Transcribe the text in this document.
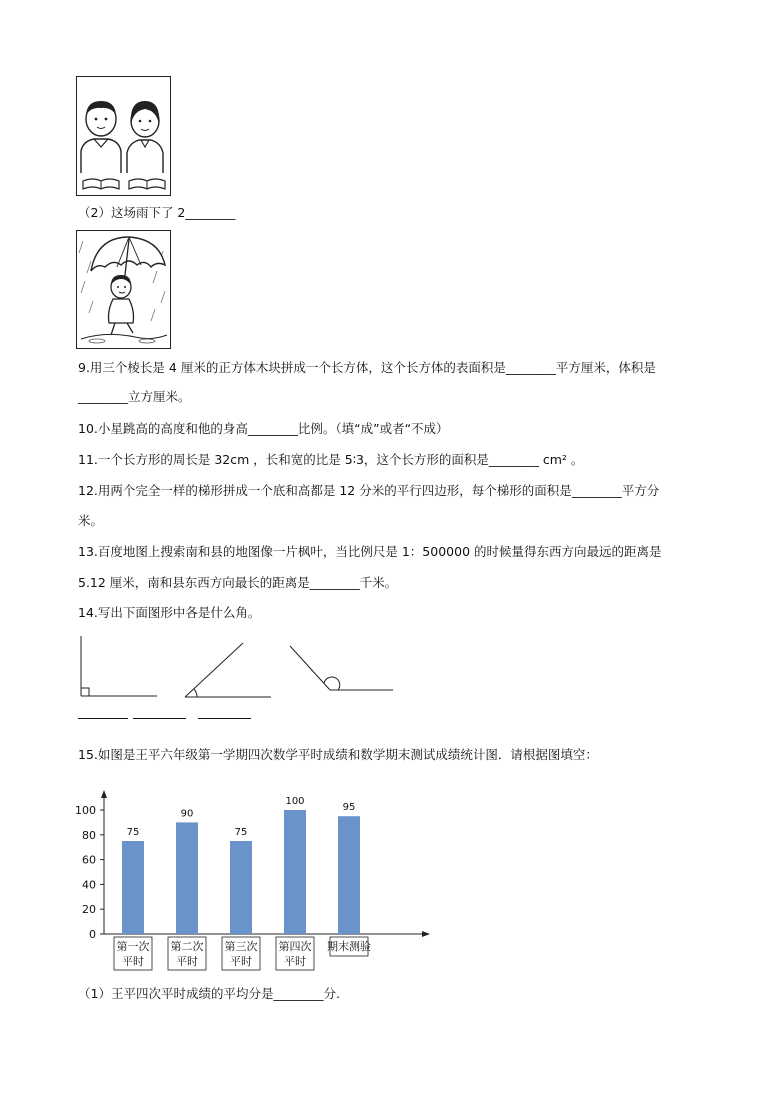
（2）这场雨下了 2________
9.用三个棱长是 4 厘米的正方体木块拼成一个长方体，这个长方体的表面积是________平方厘米，体积是
________立方厘米。
10.小星跳高的高度和他的身高________比例。（填“成”或者“不成）
11.一个长方形的周长是 32cm ，长和宽的比是 5∶3，这个长方形的面积是________ cm² 。
12.用两个完全一样的梯形拼成一个底和高都是 12 分米的平行四边形，每个梯形的面积是________平方分
米。
13.百度地图上搜索南和县的地图像一片枫叶，当比例尺是 1：500000 的时候量得东西方向最远的距离是
5.12 厘米，南和县东西方向最长的距离是________千米。
14.写出下面图形中各是什么角。
15.如图是王平六年级第一学期四次数学平时成绩和数学期末测试成绩统计图．请根据图填空：
0
20
40
60
80
100
75
第一次
平时
90
第二次
平时
75
第三次
平时
100
第四次
平时
95
期末测验
（1）王平四次平时成绩的平均分是________分.
